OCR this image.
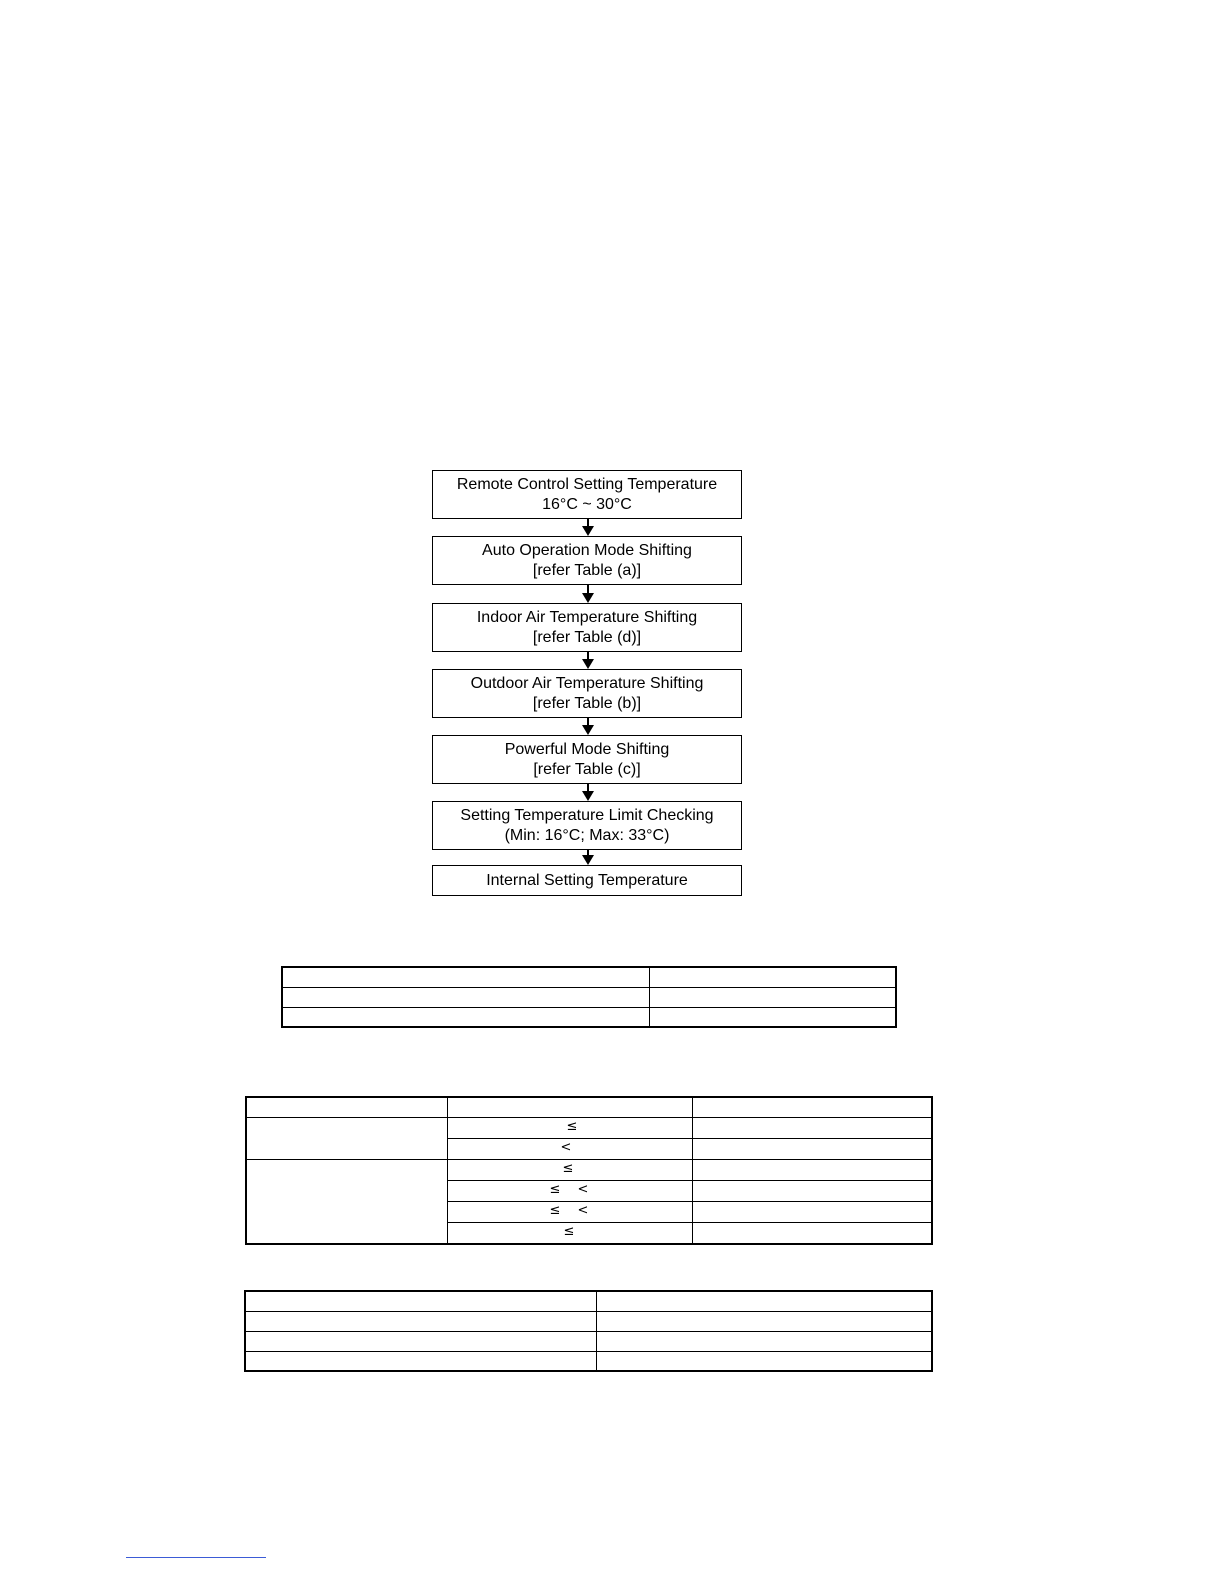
Remote Control Setting Temperature
16°C ~ 30°C
Auto Operation Mode Shifting
[refer Table (a)]
Indoor Air Temperature Shifting
[refer Table (d)]
Outdoor Air Temperature Shifting
[refer Table (b)]
Powerful Mode Shifting
[refer Table (c)]
Setting Temperature Limit Checking
(Min: 16°C; Max: 33°C)
Internal Setting Temperature

	≤	

	<	

	≤	

	≤ <	

	≤ <	

	≤	
